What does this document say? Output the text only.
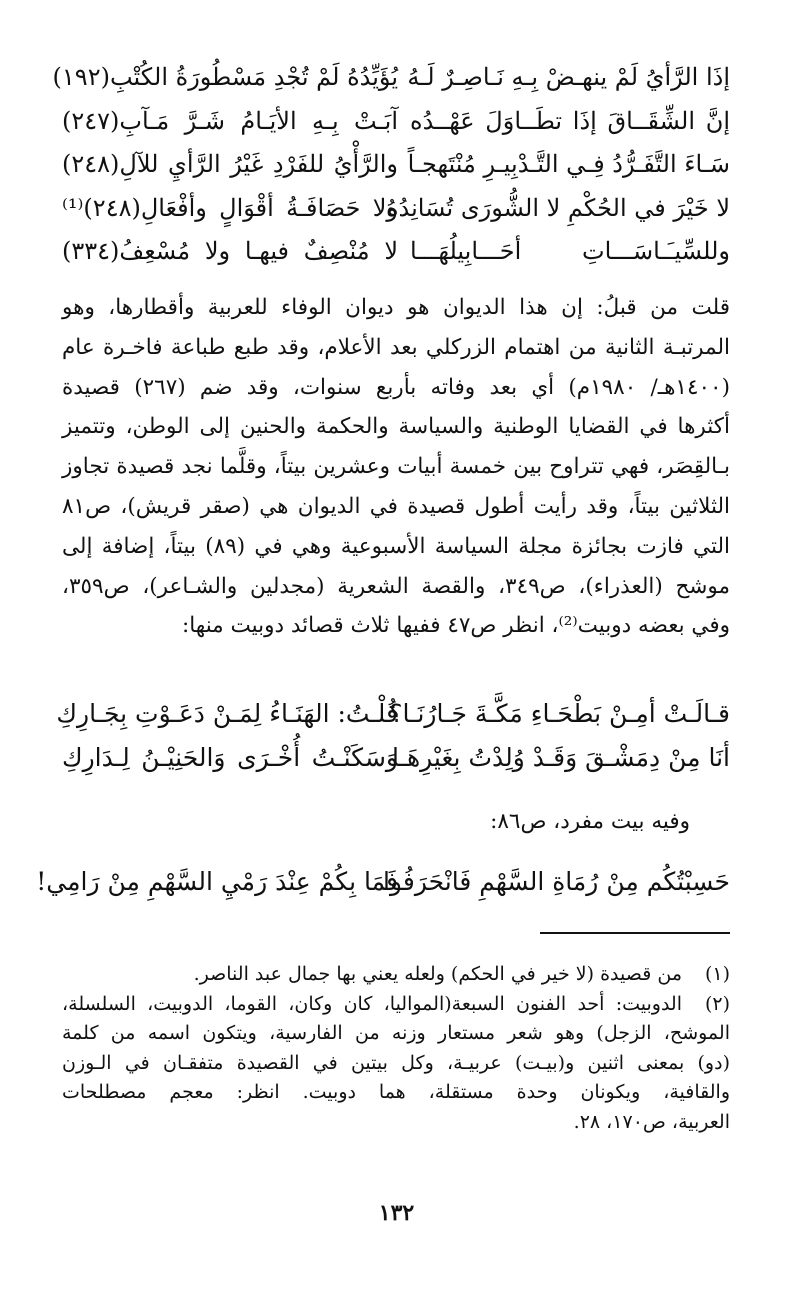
إذَا الرَّأيُ لَمْ ينهـضْ بِـهِ نَـاصِـرٌ لَـهُ
يُؤَيِّدُهُ لَمْ تُجْدِ مَسْطُورَةُ الكُتْبِ(١٩٢)
إنَّ الشِّقَــاقَ إذَا تطَــاوَلَ عَهْــدُه
آبَـتْ بِـهِ الأيَـامُ شَـرَّ مَـآبِ(٢٤٧)
سَـاءَ التَّفَـرُّدُ فِـي التَّـدْبِيـرِ مُنْتَهجـاً
والرَّأْيُ للفَرْدِ غَيْرُ الرَّأيِ للآلِ(٢٤٨)
لا خَيْرَ في الحُكْمِ لا الشُّورَى تُسَانِدُهُ
ولا حَصَافَـةُ أقْوَالٍ وأفْعَالِ(٢٤٨)⁽¹⁾
وللسِّيـَـاسَـــاتِ أحَـــابِيلُهَـــا
لا مُنْصِفٌ فيهـا ولا مُسْعِفُ(٣٣٤)
قلت من قبلُ: إن هذا الديوان هو ديوان الوفاء للعربية وأقطارها، وهو
المرتبـة الثانية من اهتمام الزركلي بعد الأعلام، وقد طبع طباعة فاخـرة عام
(١٤٠٠هـ/ ١٩٨٠م) أي بعد وفاته بأربع سنوات، وقد ضم (٢٦٧) قصيدة
أكثرها في القضايا الوطنية والسياسة والحكمة والحنين إلى الوطن، وتتميز
بـالقِصَر، فهي تتراوح بين خمسة أبيات وعشرين بيتاً، وقلَّما نجد قصيدة تجاوز
الثلاثين بيتاً، وقد رأيت أطول قصيدة في الديوان هي (صقر قريش)، ص٨١
التي فازت بجائزة مجلة السياسة الأسبوعية وهي في (٨٩) بيتاً، إضافة إلى
موشح (العذراء)، ص٣٤٩، والقصة الشعرية (مجدلين والشـاعر)، ص٣٥٩،
وفي بعضه دوبيت⁽²⁾، انظر ص٤٧ ففيها ثلاث قصائد دوبيت منها:
قـالَـتْ أمِـنْ بَطْحَـاءِ مَكَّـةَ جَـارُنَـا؟
قُلْـتُ: الهَنَـاءُ لِمَـنْ دَعَـوْتِ بِجَـارِكِ
أنَا مِنْ دِمَشْـقَ وَقَـدْ وُلِدْتُ بِغَيْرِهَـا
وَسَكَنْـتُ أُخْـرَى وَالحَنِيْـنُ لِـدَارِكِ
وفيه بيت مفرد، ص٨٦:
حَسِبْتُكُم مِنْ رُمَاةِ السَّهْمِ فَانْحَرَفُوا
فَمَا بِكُمْ عِنْدَ رَمْيِ السَّهْمِ مِنْ رَامِي!
(١)
من قصيدة (لا خير في الحكم) ولعله يعني بها جمال عبد الناصر.
(٢)
الدوبيت: أحد الفنون السبعة(المواليا، كان وكان، القوما، الدوبيت، السلسلة،
الموشح، الزجل) وهو شعر مستعار وزنه من الفارسية، ويتكون اسمه من كلمة
(دو) بمعنى اثنين و(بيـت) عربيـة، وكل بيتين في القصيدة متفقـان في الـوزن
والقافية، ويكونان وحدة مستقلة، هما دوبيت. انظر: معجم مصطلحات
العربية، ص١٧٠، ٢٨.
١٣٢
